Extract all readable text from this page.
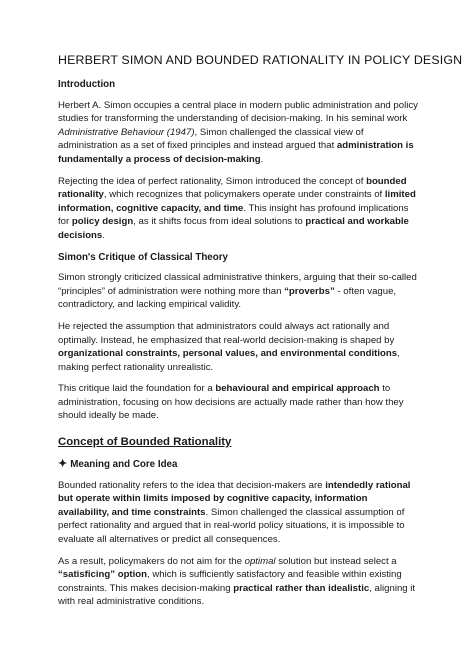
HERBERT SIMON AND BOUNDED RATIONALITY IN POLICY DESIGN
Introduction

Herbert A. Simon occupies a central place in modern public administration and policy studies for transforming the understanding of decision-making. In his seminal work Administrative Behaviour (1947), Simon challenged the classical view of administration as a set of fixed principles and instead argued that administration is fundamentally a process of decision-making.

Rejecting the idea of perfect rationality, Simon introduced the concept of bounded rationality, which recognizes that policymakers operate under constraints of limited information, cognitive capacity, and time. This insight has profound implications for policy design, as it shifts focus from ideal solutions to practical and workable decisions.

Simon's Critique of Classical Theory

Simon strongly criticized classical administrative thinkers, arguing that their so-called “principles” of administration were nothing more than “proverbs” - often vague, contradictory, and lacking empirical validity.

He rejected the assumption that administrators could always act rationally and optimally. Instead, he emphasized that real-world decision-making is shaped by organizational constraints, personal values, and environmental conditions, making perfect rationality unrealistic.

This critique laid the foundation for a behavioural and empirical approach to administration, focusing on how decisions are actually made rather than how they should ideally be made.

Concept of Bounded Rationality
✦ Meaning and Core Idea

Bounded rationality refers to the idea that decision-makers are intendedly rational but operate within limits imposed by cognitive capacity, information availability, and time constraints. Simon challenged the classical assumption of perfect rationality and argued that in real-world policy situations, it is impossible to evaluate all alternatives or predict all consequences.

As a result, policymakers do not aim for the optimal solution but instead select a “satisficing” option, which is sufficiently satisfactory and feasible within existing constraints. This makes decision-making practical rather than idealistic, aligning it with real administrative conditions.
